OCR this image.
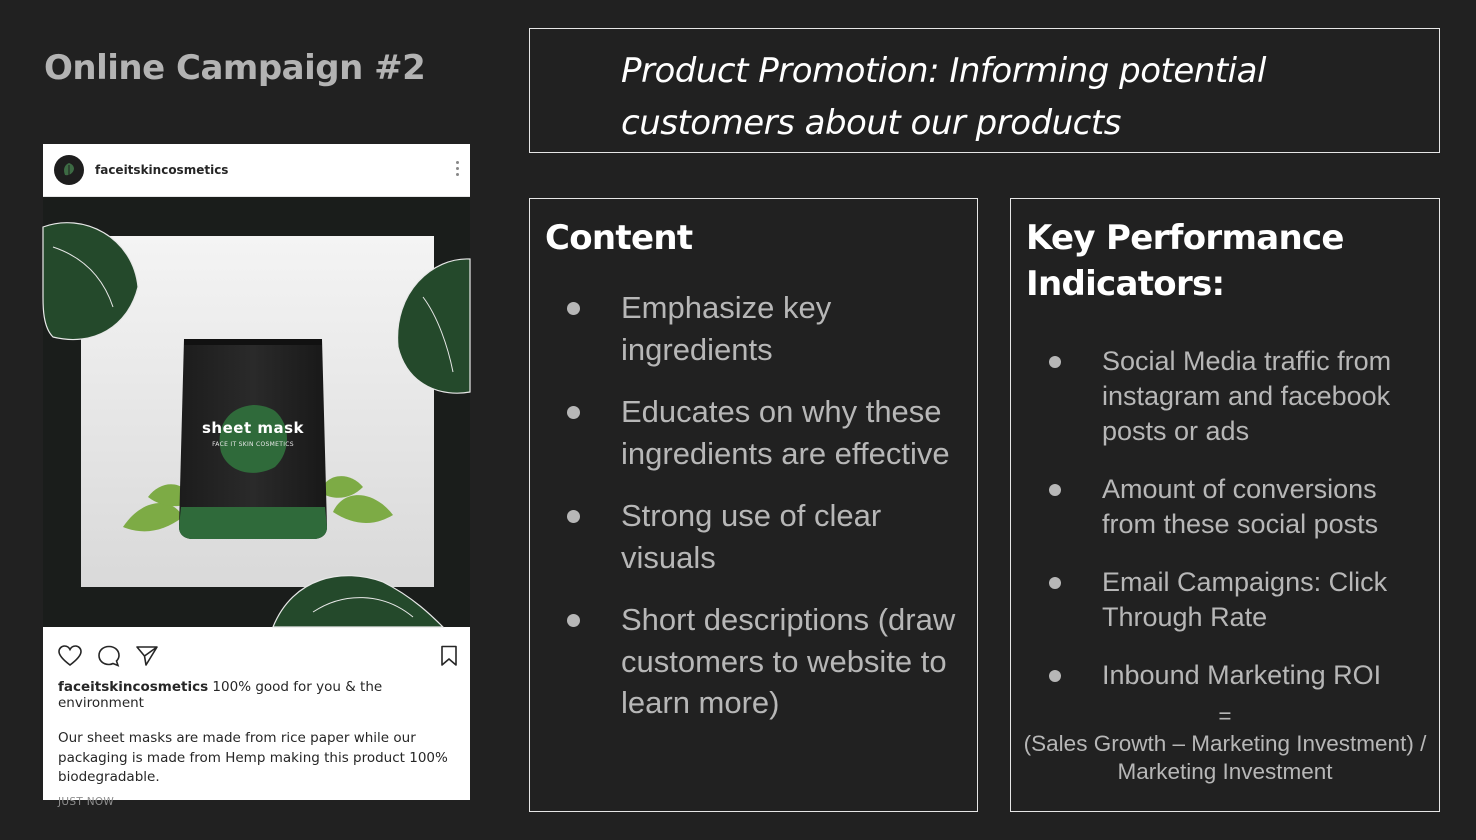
Online Campaign #2
faceitskincosmetics
sheet mask
FACE IT SKIN COSMETICS
faceitskincosmetics 100% good for you & the environment
Our sheet masks are made from rice paper while our packaging is made from Hemp making this product 100% biodegradable.
JUST NOW
Product Promotion: Informing potential customers about our products
Content
Emphasize key ingredients
Educates on why these ingredients are effective
Strong use of clear visuals
Short descriptions (draw customers to website to learn more)
Key Performance Indicators:
Social Media traffic from instagram and facebook posts or ads
Amount of conversions from these social posts
Email Campaigns: Click Through Rate
Inbound Marketing ROI
=
(Sales Growth – Marketing Investment) / Marketing Investment
